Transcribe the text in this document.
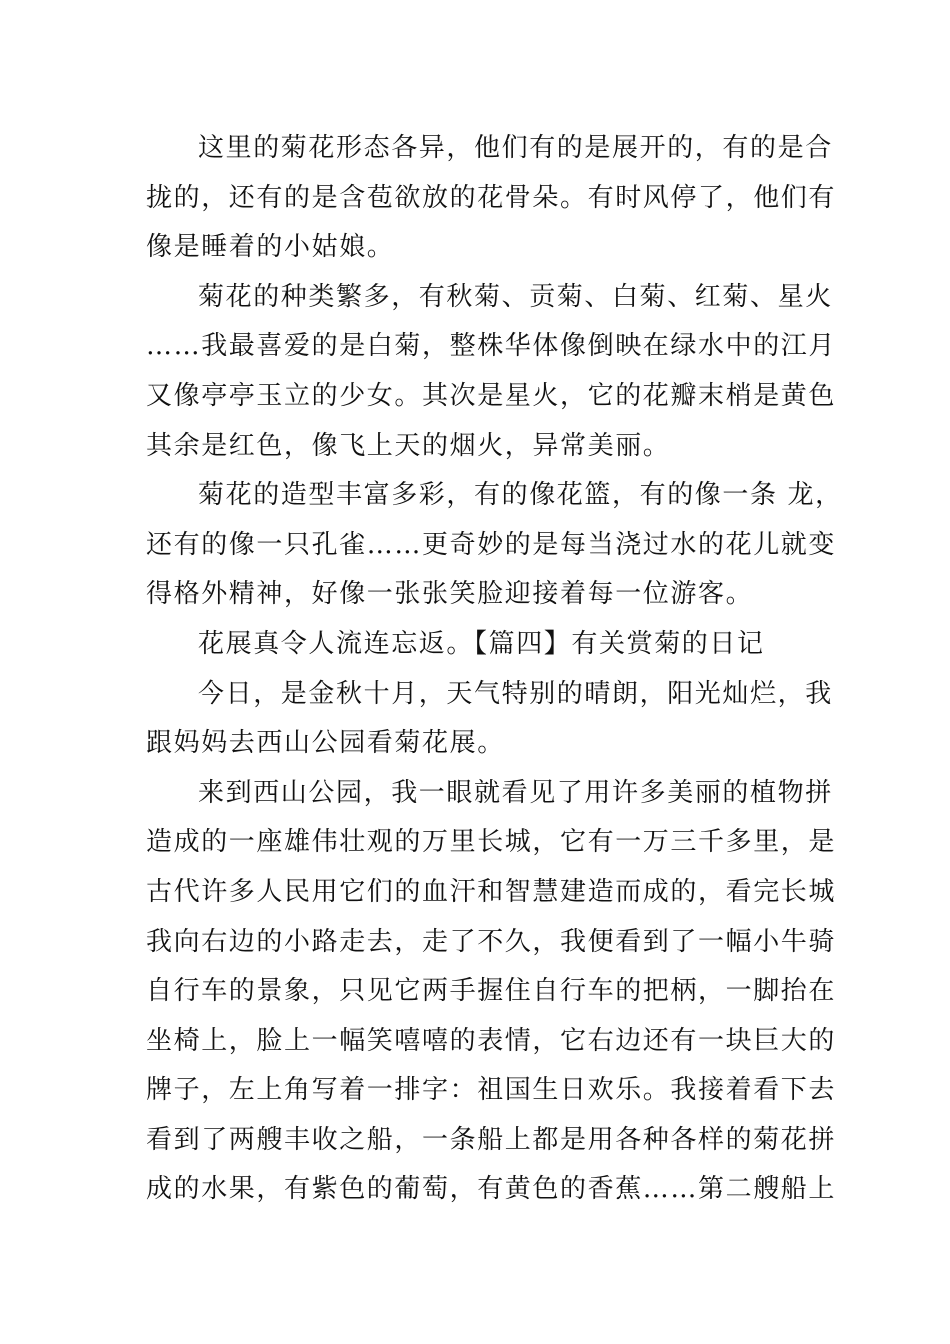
这里的菊花形态各异，他们有的是展开的，有的是合
拢的，还有的是含苞欲放的花骨朵。有时风停了，他们有
像是睡着的小姑娘。
菊花的种类繁多，有秋菊、贡菊、白菊、红菊、星火
……我最喜爱的是白菊，整株华体像倒映在绿水中的江月
又像亭亭玉立的少女。其次是星火，它的花瓣末梢是黄色
其余是红色，像飞上天的烟火，异常美丽。
菊花的造型丰富多彩，有的像花篮，有的像一条 龙，
还有的像一只孔雀……更奇妙的是每当浇过水的花儿就变
得格外精神，好像一张张笑脸迎接着每一位游客。
花展真令人流连忘返。【篇四】有关赏菊的日记
今日，是金秋十月，天气特别的晴朗，阳光灿烂，我
跟妈妈去西山公园看菊花展。
来到西山公园，我一眼就看见了用许多美丽的植物拼
造成的一座雄伟壮观的万里长城，它有一万三千多里，是
古代许多人民用它们的血汗和智慧建造而成的，看完长城
我向右边的小路走去，走了不久，我便看到了一幅小牛骑
自行车的景象，只见它两手握住自行车的把柄，一脚抬在
坐椅上，脸上一幅笑嘻嘻的表情，它右边还有一块巨大的
牌子，左上角写着一排字：祖国生日欢乐。我接着看下去
看到了两艘丰收之船，一条船上都是用各种各样的菊花拼
成的水果，有紫色的葡萄，有黄色的香蕉……第二艘船上
